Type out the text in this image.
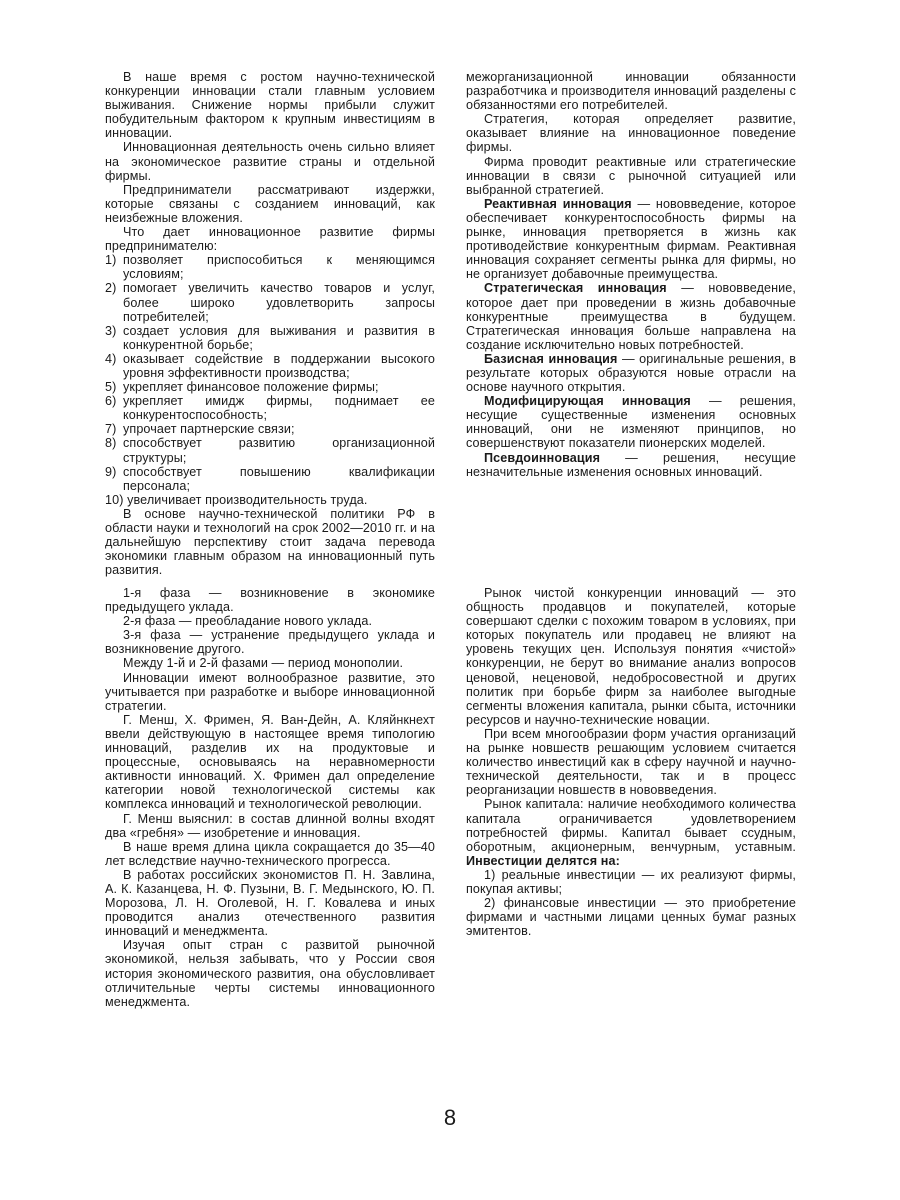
В наше время с ростом научно-технической конкуренции инновации стали главным условием выживания. Снижение нормы прибыли служит побудительным фактором к крупным инвестициям в инновации.

Инновационная деятельность очень сильно влияет на экономическое развитие страны и отдельной фирмы.

Предприниматели рассматривают издержки, которые связаны с созданием инноваций, как неизбежные вложения.

Что дает инновационное развитие фирмы предпринимателю:

1) позволяет приспособиться к меняющимся условиям;

2) помогает увеличить качество товаров и услуг, более широко удовлетворить запросы потребителей;

3) создает условия для выживания и развития в конкурентной борьбе;

4) оказывает содействие в поддержании высокого уровня эффективности производства;

5) укрепляет финансовое положение фирмы;

6) укрепляет имидж фирмы, поднимает ее конкурентоспособность;

7) упрочает партнерские связи;

8) способствует развитию организационной структуры;

9) способствует повышению квалификации персонала;

10) увеличивает производительность труда.

В основе научно-технической политики РФ в области науки и технологий на срок 2002—2010 гг. и на дальнейшую перспективу стоит задача перевода экономики главным образом на инновационный путь развития.

межорганизационной инновации обязанности разработчика и производителя инноваций разделены с обязанностями его потребителей.

Стратегия, которая определяет развитие, оказывает влияние на инновационное поведение фирмы.

Фирма проводит реактивные или стратегические инновации в связи с рыночной ситуацией или выбранной стратегией.

Реактивная инновация — нововведение, которое обеспечивает конкурентоспособность фирмы на рынке, инновация претворяется в жизнь как противодействие конкурентным фирмам. Реактивная инновация сохраняет сегменты рынка для фирмы, но не организует добавочные преимущества.

Стратегическая инновация — нововведение, которое дает при проведении в жизнь добавочные конкурентные преимущества в будущем. Стратегическая инновация больше направлена на создание исключительно новых потребностей.

Базисная инновация — оригинальные решения, в результате которых образуются новые отрасли на основе научного открытия.

Модифицирующая инновация — решения, несущие существенные изменения основных инноваций, они не изменяют принципов, но совершенствуют показатели пионерских моделей.

Псевдоинновация — решения, несущие незначительные изменения основных инноваций.

1-я фаза — возникновение в экономике предыдущего уклада.

2-я фаза — преобладание нового уклада.

3-я фаза — устранение предыдущего уклада и возникновение другого.

Между 1-й и 2-й фазами — период монополии.

Инновации имеют волнообразное развитие, это учитывается при разработке и выборе инновационной стратегии.

Г. Менш, Х. Фримен, Я. Ван-Дейн, А. Кляйнкнехт ввели действующую в настоящее время типологию инноваций, разделив их на продуктовые и процессные, основываясь на неравномерности активности инноваций. Х. Фримен дал определение категории новой технологической системы как комплекса инноваций и технологической революции.

Г. Менш выяснил: в состав длинной волны входят два «гребня» — изобретение и инновация.

В наше время длина цикла сокращается до 35—40 лет вследствие научно-технического прогресса.

В работах российских экономистов П. Н. Завлина, А. К. Казанцева, Н. Ф. Пузыни, В. Г. Медынского, Ю. П. Морозова, Л. Н. Оголевой, Н. Г. Ковалева и иных проводится анализ отечественного развития инноваций и менеджмента.

Изучая опыт стран с развитой рыночной экономикой, нельзя забывать, что у России своя история экономического развития, она обусловливает отличительные черты системы инновационного менеджмента.

Рынок чистой конкуренции инноваций — это общность продавцов и покупателей, которые совершают сделки с похожим товаром в условиях, при которых покупатель или продавец не влияют на уровень текущих цен. Используя понятия «чистой» конкуренции, не берут во внимание анализ вопросов ценовой, неценовой, недобросовестной и других политик при борьбе фирм за наиболее выгодные сегменты вложения капитала, рынки сбыта, источники ресурсов и научно-технические новации.

При всем многообразии форм участия организаций на рынке новшеств решающим условием считается количество инвестиций как в сферу научной и научно-технической деятельности, так и в процесс реорганизации новшеств в нововведения.

Рынок капитала: наличие необходимого количества капитала ограничивается удовлетворением потребностей фирмы. Капитал бывает ссудным, оборотным, акционерным, венчурным, уставным. Инвестиции делятся на:

1) реальные инвестиции — их реализуют фирмы, покупая активы;

2) финансовые инвестиции — это приобретение фирмами и частными лицами ценных бумаг разных эмитентов.

8
